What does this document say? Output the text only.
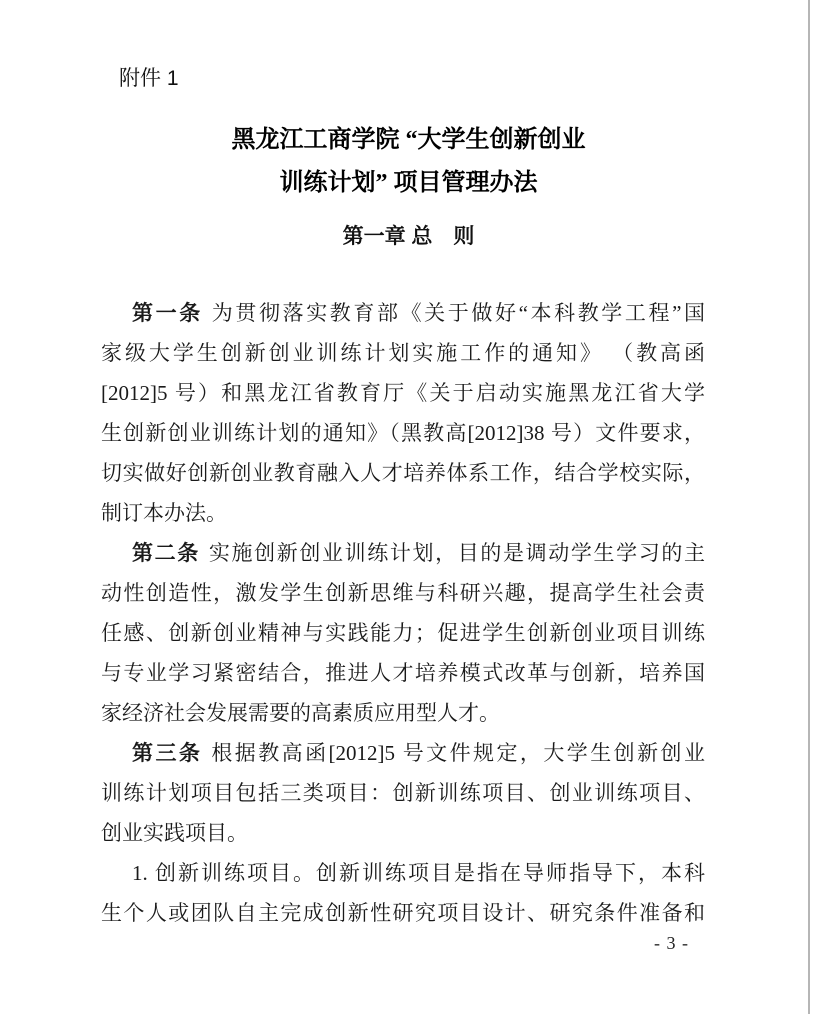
附件 1
黑龙江工商学院 “大学生创新创业
训练计划” 项目管理办法
第一章 总　则
第一条 为贯彻落实教育部《关于做好“本科教学工程”国
家级大学生创新创业训练计划实施工作的通知》 （教高函
[2012]5 号）和黑龙江省教育厅《关于启动实施黑龙江省大学
生创新创业训练计划的通知》（黑教高[2012]38 号）文件要求，
切实做好创新创业教育融入人才培养体系工作，结合学校实际，
制订本办法。
第二条 实施创新创业训练计划，目的是调动学生学习的主
动性创造性，激发学生创新思维与科研兴趣，提高学生社会责
任感、创新创业精神与实践能力；促进学生创新创业项目训练
与专业学习紧密结合，推进人才培养模式改革与创新，培养国
家经济社会发展需要的高素质应用型人才。
第三条 根据教高函[2012]5 号文件规定，大学生创新创业
训练计划项目包括三类项目：创新训练项目、创业训练项目、
创业实践项目。
1. 创新训练项目。创新训练项目是指在导师指导下，本科
生个人或团队自主完成创新性研究项目设计、研究条件准备和
- 3 -
